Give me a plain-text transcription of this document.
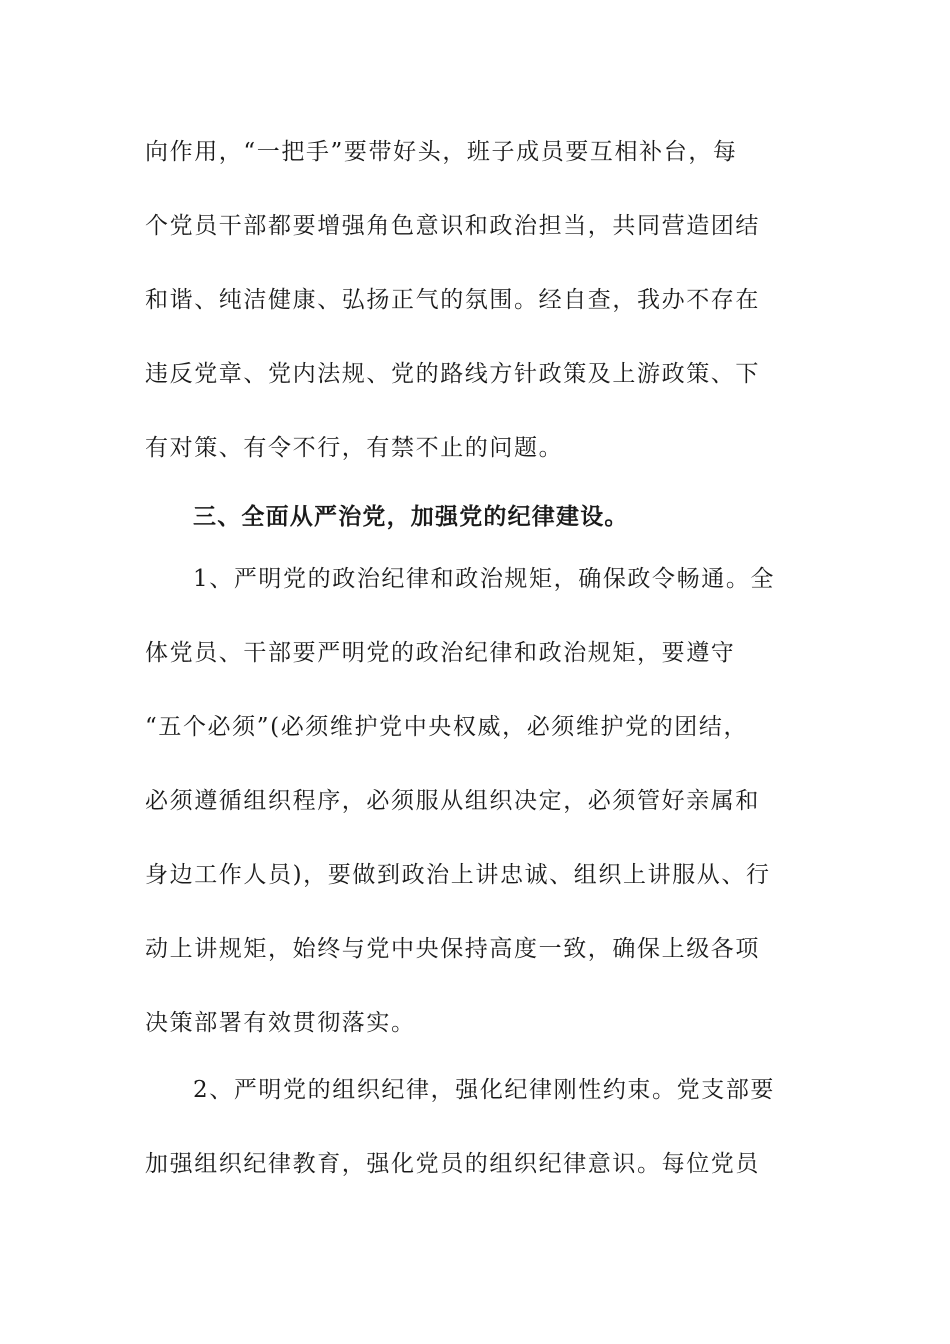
向作用，“一把手”要带好头，班子成员要互相补台，每
个党员干部都要增强角色意识和政治担当，共同营造团结
和谐、纯洁健康、弘扬正气的氛围。经自查，我办不存在
违反党章、党内法规、党的路线方针政策及上游政策、下
有对策、有令不行，有禁不止的问题。
三、全面从严治党，加强党的纪律建设。
1、严明党的政治纪律和政治规矩，确保政令畅通。全
体党员、干部要严明党的政治纪律和政治规矩，要遵守
“五个必须”(必须维护党中央权威，必须维护党的团结，
必须遵循组织程序，必须服从组织决定，必须管好亲属和
身边工作人员)，要做到政治上讲忠诚、组织上讲服从、行
动上讲规矩，始终与党中央保持高度一致，确保上级各项
决策部署有效贯彻落实。
2、严明党的组织纪律，强化纪律刚性约束。党支部要
加强组织纪律教育，强化党员的组织纪律意识。每位党员
